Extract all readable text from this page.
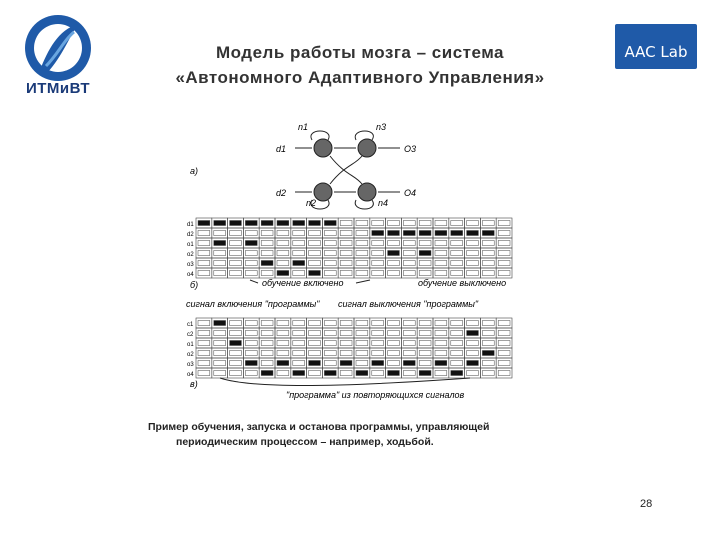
ИТМиВТ
Модель работы мозга – система
«Автономного Адаптивного Управления»
AAC Lab
n1	n3
n2	n4
d1
d2
O3
O4
a)
d1
d2
o1
o2
o3
o4
б)	обучение включено	обучение выключено
сигнал включения "программы" сигнал выключения "программы"
c1
c2
o1
o2
o3
o4
в)
"программа" из повторяющихся сигналов
Пример обучения, запуска и останова программы, управляющей
периодическим процессом – например, ходьбой.
28
